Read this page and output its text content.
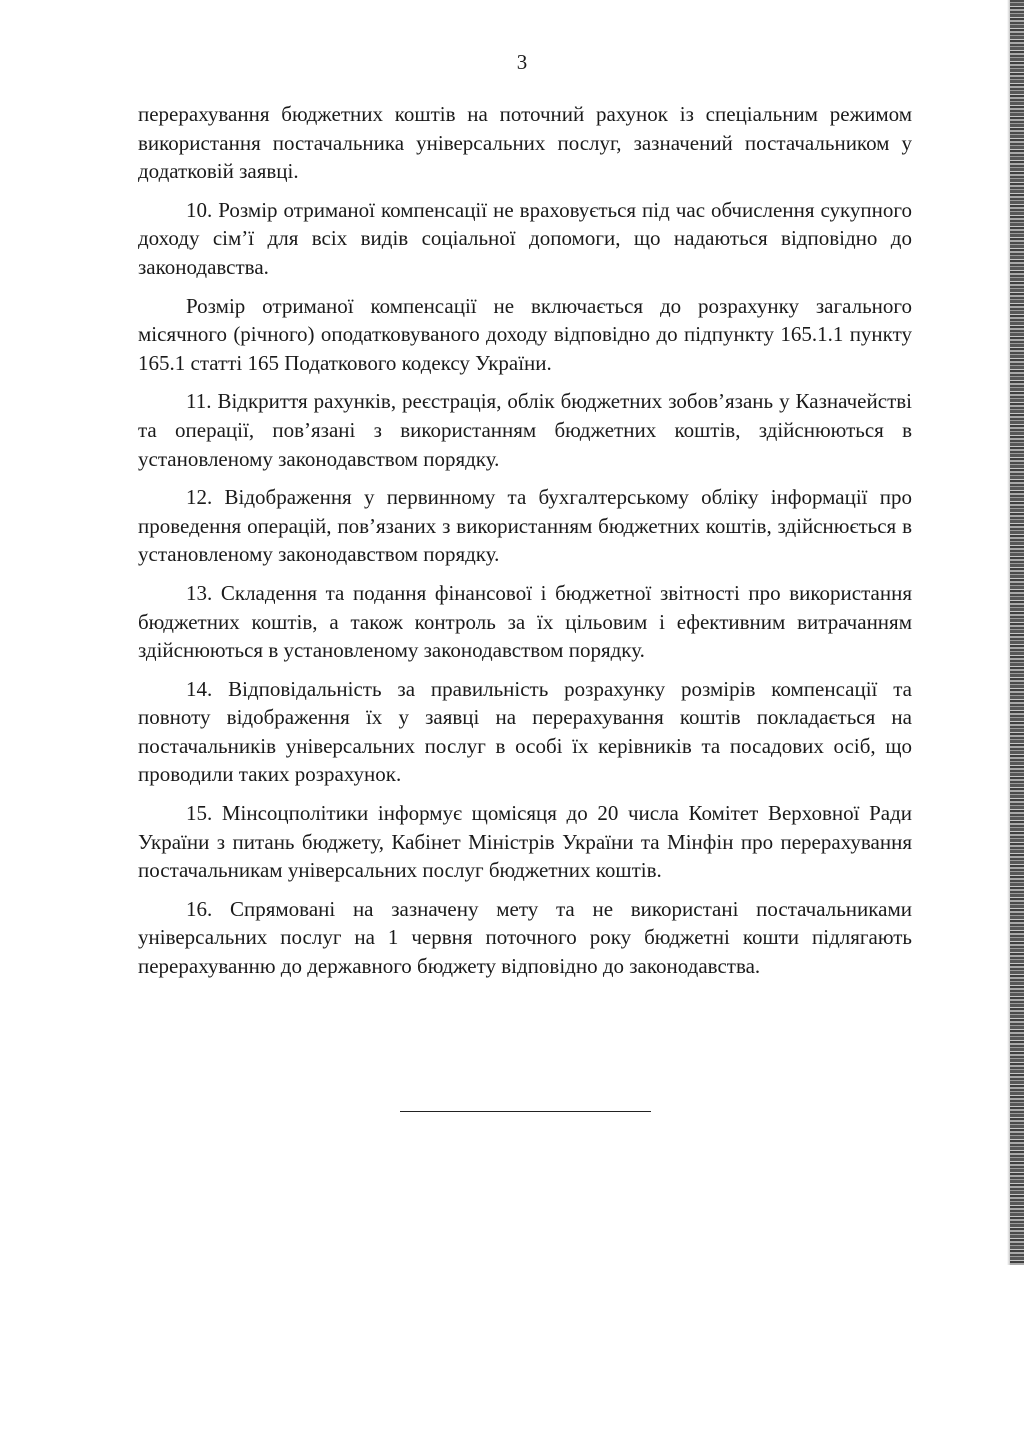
3

перерахування бюджетних коштів на поточний рахунок із спеціальним режимом використання постачальника універсальних послуг, зазначений постачальником у додатковій заявці.

10. Розмір отриманої компенсації не враховується під час обчислення сукупного доходу сім’ї для всіх видів соціальної допомоги, що надаються відповідно до законодавства.

Розмір отриманої компенсації не включається до розрахунку загального місячного (річного) оподатковуваного доходу відповідно до підпункту 165.1.1 пункту 165.1 статті 165 Податкового кодексу України.

11. Відкриття рахунків, реєстрація, облік бюджетних зобов’язань у Казначействі та операції, пов’язані з використанням бюджетних коштів, здійснюються в установленому законодавством порядку.

12. Відображення у первинному та бухгалтерському обліку інформації про проведення операцій, пов’язаних з використанням бюджетних коштів, здійснюється в установленому законодавством порядку.

13. Складення та подання фінансової і бюджетної звітності про використання бюджетних коштів, а також контроль за їх цільовим і ефективним витрачанням здійснюються в установленому законодавством порядку.

14. Відповідальність за правильність розрахунку розмірів компенсації та повноту відображення їх у заявці на перерахування коштів покладається на постачальників універсальних послуг в особі їх керівників та посадових осіб, що проводили таких розрахунок.

15. Мінсоцполітики інформує щомісяця до 20 числа Комітет Верховної Ради України з питань бюджету, Кабінет Міністрів України та Мінфін про перерахування постачальникам універсальних послуг бюджетних коштів.

16. Спрямовані на зазначену мету та не використані постачальниками універсальних послуг на 1 червня поточного року бюджетні кошти підлягають перерахуванню до державного бюджету відповідно до законодавства.
